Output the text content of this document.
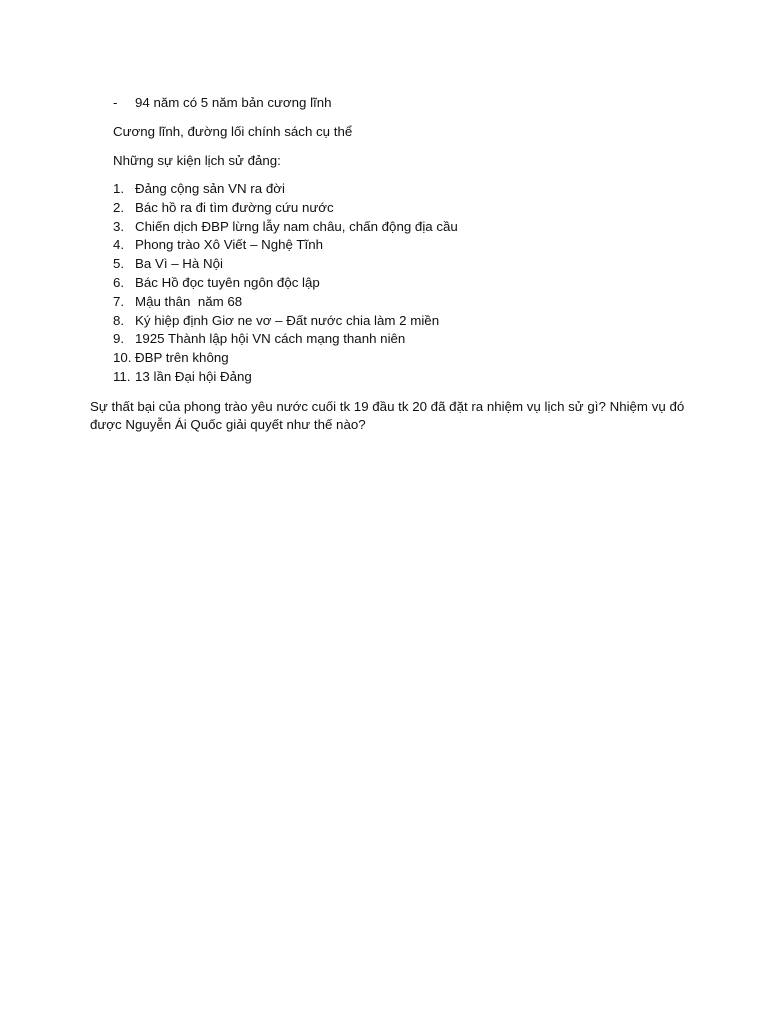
- 94 năm có 5 năm bản cương lĩnh
Cương lĩnh, đường lối chính sách cụ thể
Những sự kiện lịch sử đảng:
1. Đảng cộng sản VN ra đời
2. Bác hồ ra đi tìm đường cứu nước
3. Chiến dịch ĐBP lừng lẫy nam châu, chấn động địa cầu
4. Phong trào Xô Viết – Nghệ Tĩnh
5. Ba Vì – Hà Nội
6. Bác Hồ đọc tuyên ngôn độc lập
7. Mậu thân  năm 68
8. Ký hiệp định Giơ ne vơ – Đất nước chia làm 2 miền
9. 1925 Thành lập hội VN cách mạng thanh niên
10. ĐBP trên không
11. 13 lần Đại hội Đảng
Sự thất bại của phong trào yêu nước cuối tk 19 đầu tk 20 đã đặt ra nhiệm vụ lịch sử gì? Nhiệm vụ đó được Nguyễn Ái Quốc giải quyết như thế nào?
